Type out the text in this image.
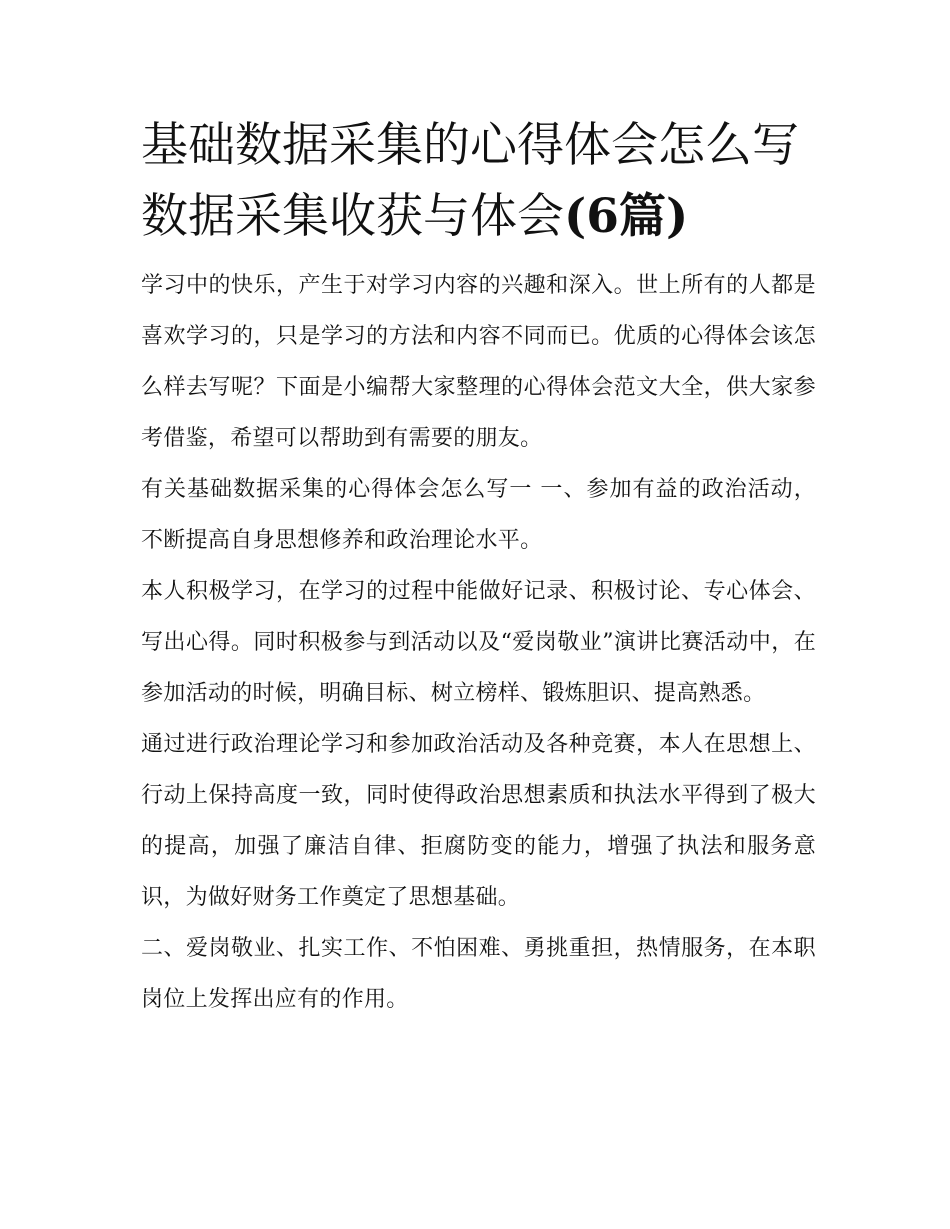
基础数据采集的心得体会怎么写 数据采集收获与体会(6篇)

学习中的快乐，产生于对学习内容的兴趣和深入。世上所有的人都是喜欢学习的，只是学习的方法和内容不同而已。优质的心得体会该怎么样去写呢？下面是小编帮大家整理的心得体会范文大全，供大家参考借鉴，希望可以帮助到有需要的朋友。

有关基础数据采集的心得体会怎么写一 一、参加有益的政治活动，不断提高自身思想修养和政治理论水平。

本人积极学习，在学习的过程中能做好记录、积极讨论、专心体会、写出心得。同时积极参与到活动以及“爱岗敬业”演讲比赛活动中，在参加活动的时候，明确目标、树立榜样、锻炼胆识、提高熟悉。

通过进行政治理论学习和参加政治活动及各种竞赛，本人在思想上、行动上保持高度一致，同时使得政治思想素质和执法水平得到了极大的提高，加强了廉洁自律、拒腐防变的能力，增强了执法和服务意识，为做好财务工作奠定了思想基础。

二、爱岗敬业、扎实工作、不怕困难、勇挑重担，热情服务，在本职岗位上发挥出应有的作用。
